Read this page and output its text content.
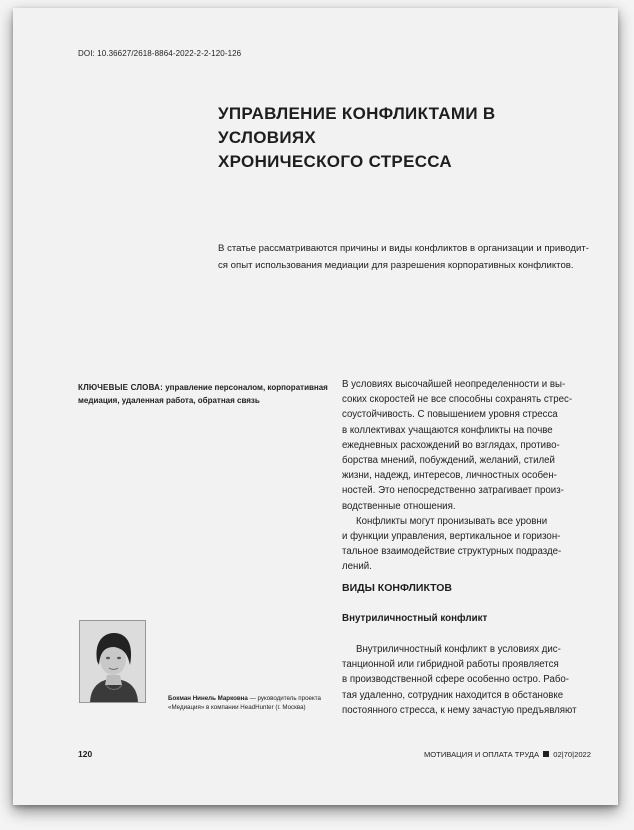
DOI: 10.36627/2618-8864-2022-2-2-120-126
УПРАВЛЕНИЕ КОНФЛИКТАМИ В УСЛОВИЯХ
ХРОНИЧЕСКОГО СТРЕССА
В статье рассматриваются причины и виды конфликтов в организации и приводит-
ся опыт использования медиации для разрешения корпоративных конфликтов.
КЛЮЧЕВЫЕ СЛОВА: управление персоналом, корпоративная
медиация, удаленная работа, обратная связь
В условиях высочайшей неопределенности и вы-
соких скоростей не все способны сохранять стрес-
соустойчивость. С повышением уровня стресса
в коллективах учащаются конфликты на почве
ежедневных расхождений во взглядах, противо-
борства мнений, побуждений, желаний, стилей
жизни, надежд, интересов, личностных особен-
ностей. Это непосредственно затрагивает произ-
водственные отношения.
Конфликты могут пронизывать все уровни
и функции управления, вертикальное и горизон-
тальное взаимодействие структурных подразде-
лений.
ВИДЫ КОНФЛИКТОВ
Внутриличностный конфликт
Внутриличностный конфликт в условиях дис-
танционной или гибридной работы проявляется
в производственной сфере особенно остро. Рабо-
тая удаленно, сотрудник находится в обстановке
постоянного стресса, к нему зачастую предъявляют
Бокман Нинель Марковна — руководитель проекта
«Медиация» в компании HeadHunter (г. Москва)
120	МОТИВАЦИЯ И ОПЛАТА ТРУДА 02|70|2022
